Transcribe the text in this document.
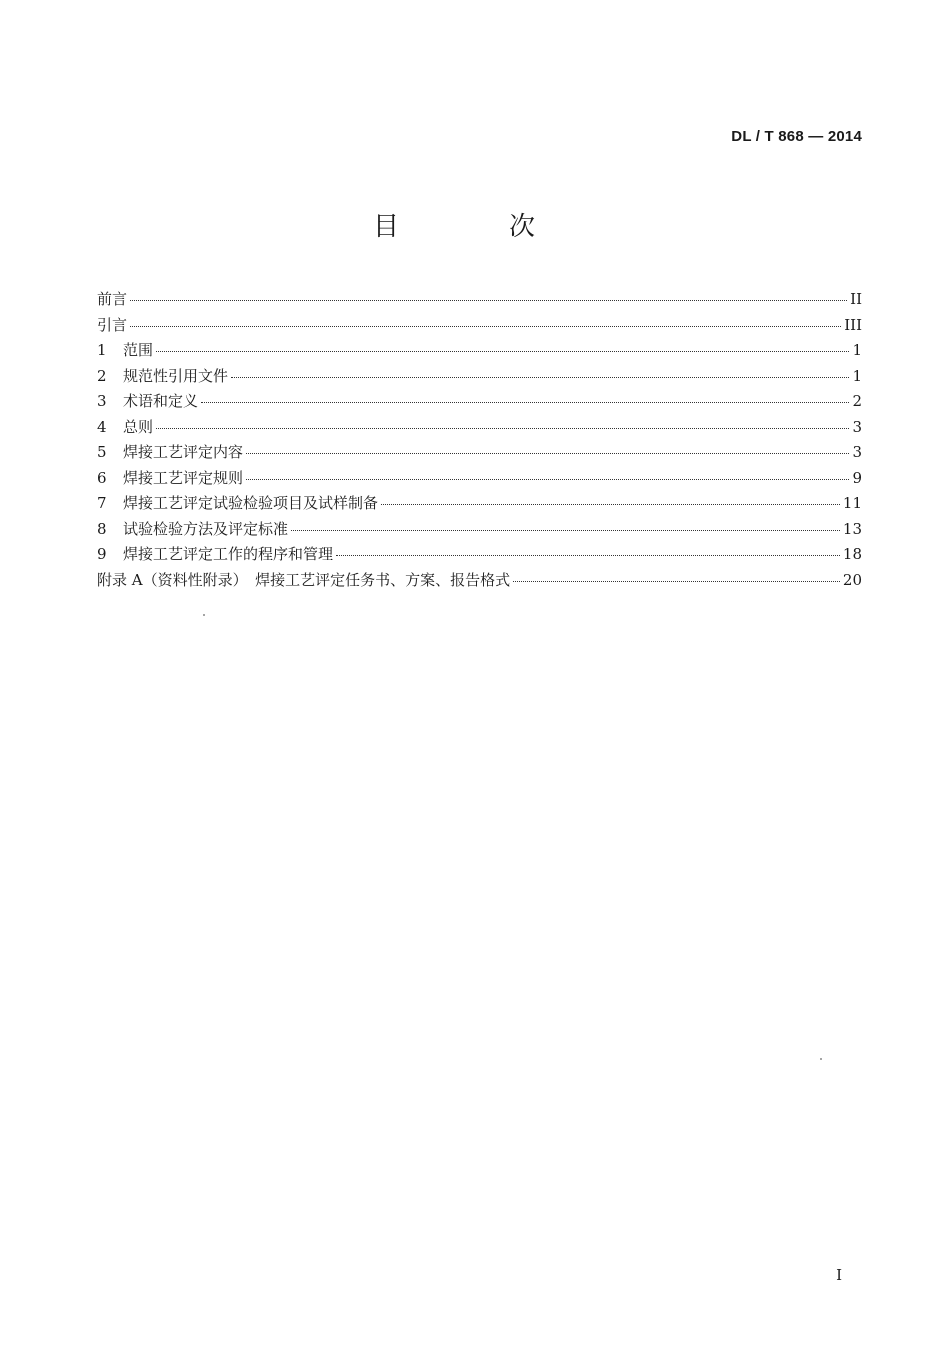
DL / T 868 — 2014
目　次
前言	II
引言	III
1	范围	1
2	规范性引用文件	1
3	术语和定义	2
4	总则	3
5	焊接工艺评定内容	3
6	焊接工艺评定规则	9
7	焊接工艺评定试验检验项目及试样制备	11
8	试验检验方法及评定标准	13
9	焊接工艺评定工作的程序和管理	18
附录 A（资料性附录）　焊接工艺评定任务书、方案、报告格式	20
I
